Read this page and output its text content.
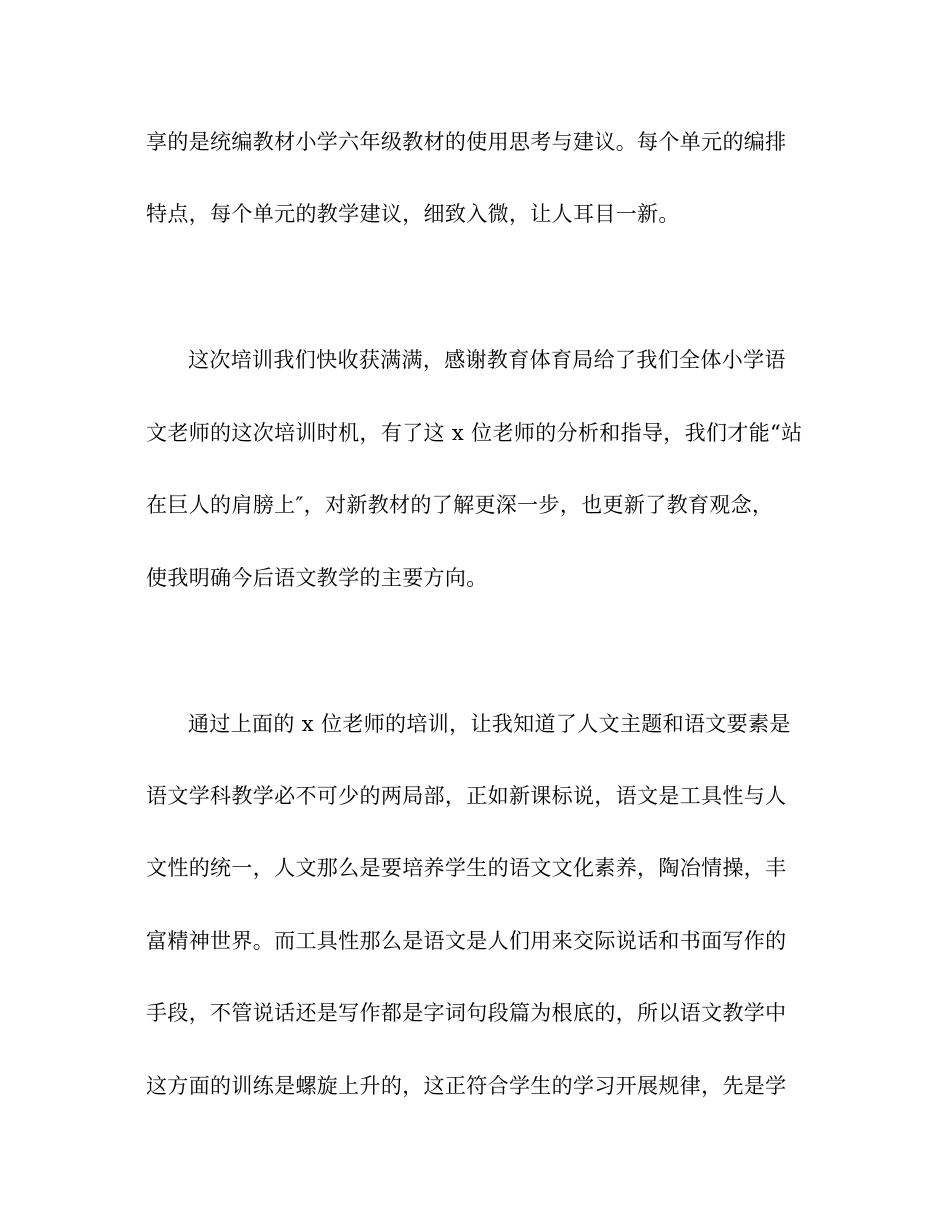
享的是统编教材小学六年级教材的使用思考与建议。每个单元的编排

特点，每个单元的教学建议，细致入微，让人耳目一新。

这次培训我们快收获满满，感谢教育体育局给了我们全体小学语

文老师的这次培训时机，有了这 x 位老师的分析和指导，我们才能“站

在巨人的肩膀上″，对新教材的了解更深一步，也更新了教育观念，

使我明确今后语文教学的主要方向。

通过上面的 x 位老师的培训，让我知道了人文主题和语文要素是

语文学科教学必不可少的两局部，正如新课标说，语文是工具性与人

文性的统一，人文那么是要培养学生的语文文化素养，陶冶情操，丰

富精神世界。而工具性那么是语文是人们用来交际说话和书面写作的

手段，不管说话还是写作都是字词句段篇为根底的，所以语文教学中

这方面的训练是螺旋上升的，这正符合学生的学习开展规律，先是学
